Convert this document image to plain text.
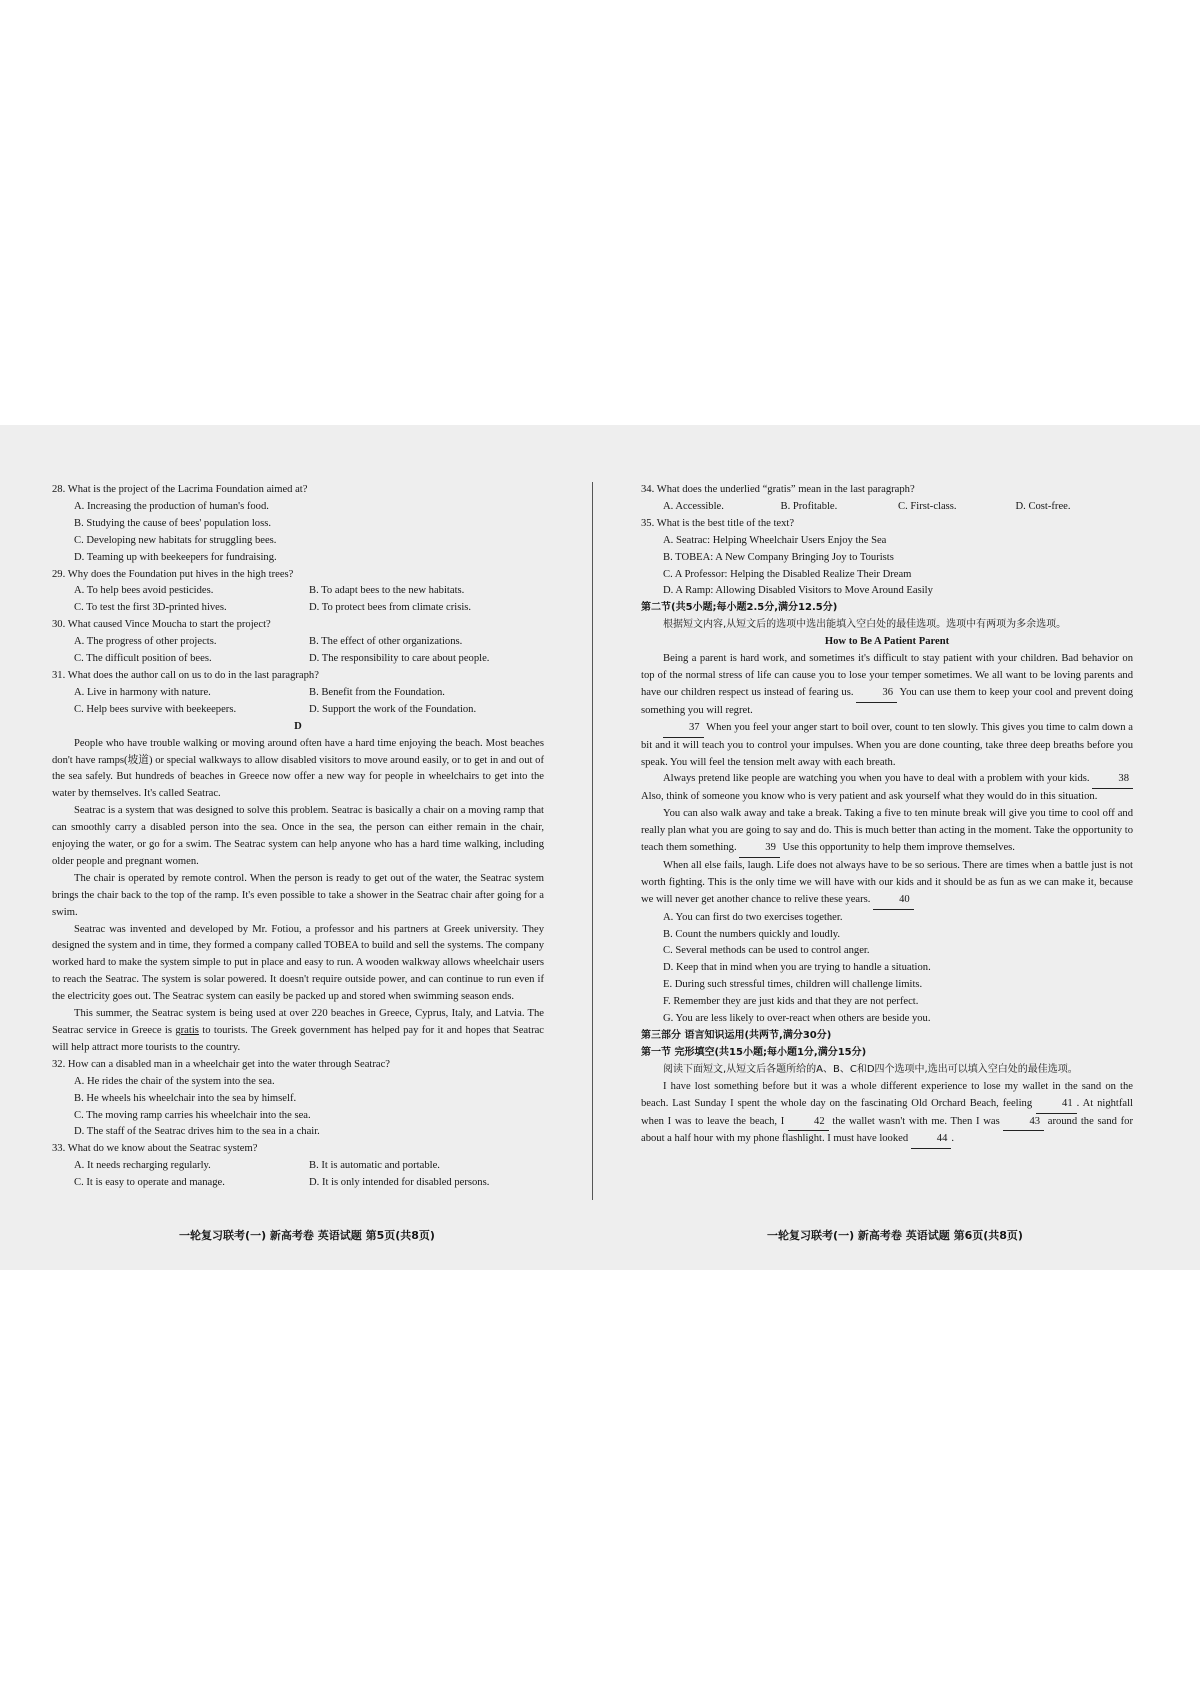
28. What is the project of the Lacrima Foundation aimed at?

A. Increasing the production of human's food.

B. Studying the cause of bees' population loss.

C. Developing new habitats for struggling bees.

D. Teaming up with beekeepers for fundraising.

29. Why does the Foundation put hives in the high trees?

A. To help bees avoid pesticides.	B. To adapt bees to the new habitats.
C. To test the first 3D-printed hives.	D. To protect bees from climate crisis.

30. What caused Vince Moucha to start the project?

A. The progress of other projects.	B. The effect of other organizations.
C. The difficult position of bees.	D. The responsibility to care about people.

31. What does the author call on us to do in the last paragraph?

A. Live in harmony with nature.	B. Benefit from the Foundation.
C. Help bees survive with beekeepers.	D. Support the work of the Foundation.

D

People who have trouble walking or moving around often have a hard time enjoying the beach. Most beaches don't have ramps(坡道) or special walkways to allow disabled visitors to move around easily, or to get in and out of the sea safely. But hundreds of beaches in Greece now offer a new way for people in wheelchairs to get into the water by themselves. It's called Seatrac.

Seatrac is a system that was designed to solve this problem. Seatrac is basically a chair on a moving ramp that can smoothly carry a disabled person into the sea. Once in the sea, the person can either remain in the chair, enjoying the water, or go for a swim. The Seatrac system can help anyone who has a hard time walking, including older people and pregnant women.

The chair is operated by remote control. When the person is ready to get out of the water, the Seatrac system brings the chair back to the top of the ramp. It's even possible to take a shower in the Seatrac chair after going for a swim.

Seatrac was invented and developed by Mr. Fotiou, a professor and his partners at Greek university. They designed the system and in time, they formed a company called TOBEA to build and sell the systems. The company worked hard to make the system simple to put in place and easy to run. A wooden walkway allows wheelchair users to reach the Seatrac. The system is solar powered. It doesn't require outside power, and can continue to run even if the electricity goes out. The Seatrac system can easily be packed up and stored when swimming season ends.

This summer, the Seatrac system is being used at over 220 beaches in Greece, Cyprus, Italy, and Latvia. The Seatrac service in Greece is gratis to tourists. The Greek government has helped pay for it and hopes that Seatrac will help attract more tourists to the country.

32. How can a disabled man in a wheelchair get into the water through Seatrac?

A. He rides the chair of the system into the sea.

B. He wheels his wheelchair into the sea by himself.

C. The moving ramp carries his wheelchair into the sea.

D. The staff of the Seatrac drives him to the sea in a chair.

33. What do we know about the Seatrac system?

A. It needs recharging regularly.	B. It is automatic and portable.
C. It is easy to operate and manage.	D. It is only intended for disabled persons.

34. What does the underlied “gratis” mean in the last paragraph?

A. Accessible.	B. Profitable.	C. First-class.	D. Cost-free.

35. What is the best title of the text?

A. Seatrac: Helping Wheelchair Users Enjoy the Sea

B. TOBEA: A New Company Bringing Joy to Tourists

C. A Professor: Helping the Disabled Realize Their Dream

D. A Ramp: Allowing Disabled Visitors to Move Around Easily

第二节(共5小题;每小题2.5分,满分12.5分)

根据短文内容,从短文后的选项中选出能填入空白处的最佳选项。选项中有两项为多余选项。

How to Be A Patient Parent

Being a parent is hard work, and sometimes it's difficult to stay patient with your children. Bad behavior on top of the normal stress of life can cause you to lose your temper sometimes. We all want to be loving parents and have our children respect us instead of fearing us. 36 You can use them to keep your cool and prevent doing something you will regret.

37 When you feel your anger start to boil over, count to ten slowly. This gives you time to calm down a bit and it will teach you to control your impulses. When you are done counting, take three deep breaths before you speak. You will feel the tension melt away with each breath.

Always pretend like people are watching you when you have to deal with a problem with your kids. 38 Also, think of someone you know who is very patient and ask yourself what they would do in this situation.

You can also walk away and take a break. Taking a five to ten minute break will give you time to cool off and really plan what you are going to say and do. This is much better than acting in the moment. Take the opportunity to teach them something. 39 Use this opportunity to help them improve themselves.

When all else fails, laugh. Life does not always have to be so serious. There are times when a battle just is not worth fighting. This is the only time we will have with our kids and it should be as fun as we can make it, because we will never get another chance to relive these years. 40

A. You can first do two exercises together.

B. Count the numbers quickly and loudly.

C. Several methods can be used to control anger.

D. Keep that in mind when you are trying to handle a situation.

E. During such stressful times, children will challenge limits.

F. Remember they are just kids and that they are not perfect.

G. You are less likely to over-react when others are beside you.

第三部分 语言知识运用(共两节,满分30分)

第一节 完形填空(共15小题;每小题1分,满分15分)

阅读下面短文,从短文后各题所给的A、B、C和D四个选项中,选出可以填入空白处的最佳选项。

I have lost something before but it was a whole different experience to lose my wallet in the sand on the beach. Last Sunday I spent the whole day on the fascinating Old Orchard Beach, feeling 41 . At nightfall when I was to leave the beach, I 42 the wallet wasn't with me. Then I was 43 around the sand for about a half hour with my phone flashlight. I must have looked 44 .

一轮复习联考(一) 新高考卷 英语试题 第5页(共8页)	一轮复习联考(一) 新高考卷 英语试题 第6页(共8页)
